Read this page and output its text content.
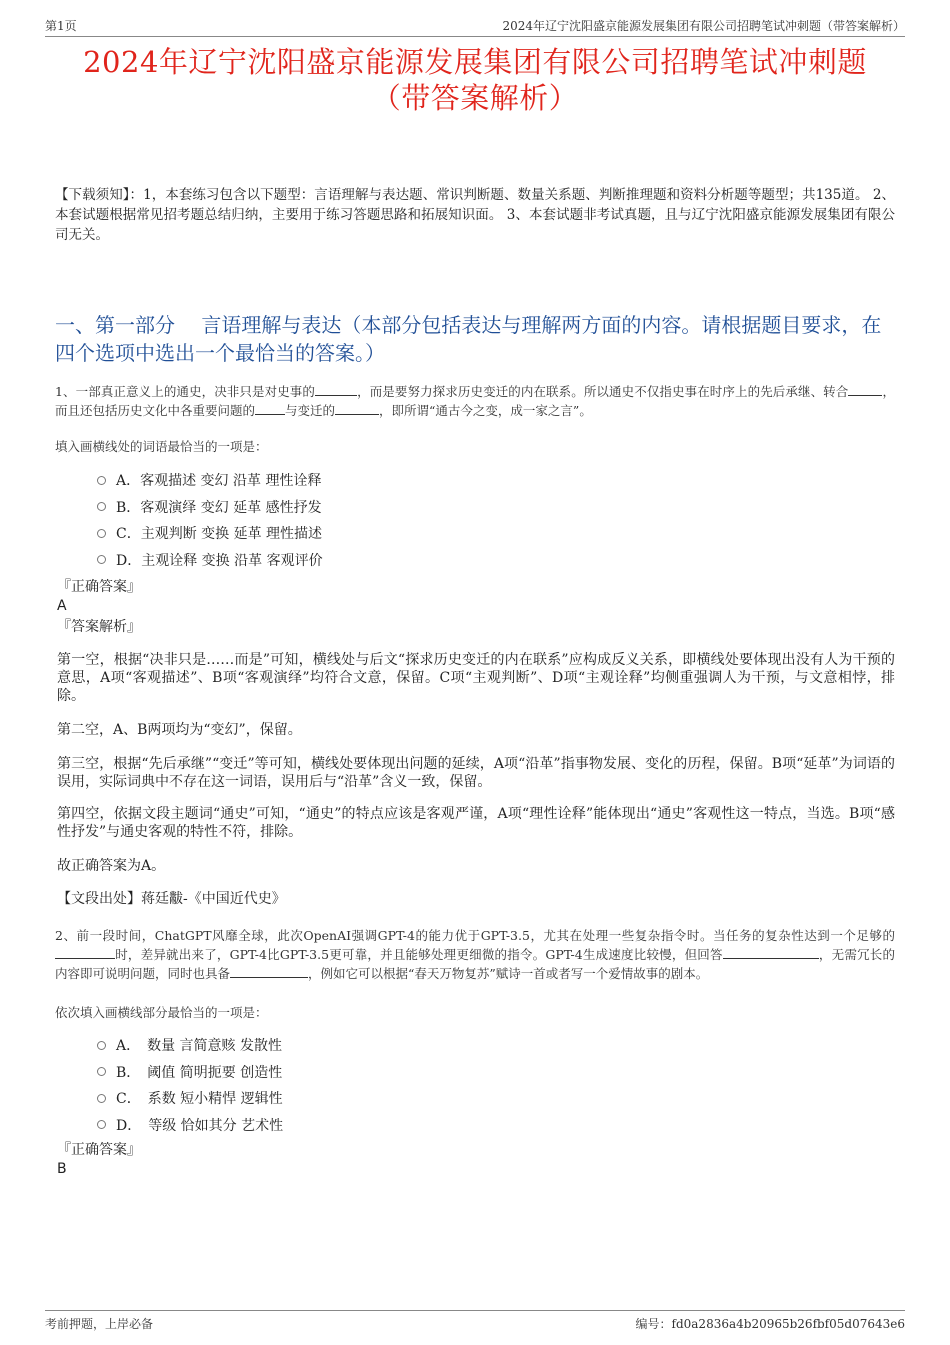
第1页	2024年辽宁沈阳盛京能源发展集团有限公司招聘笔试冲刺题（带答案解析）
2024年辽宁沈阳盛京能源发展集团有限公司招聘笔试冲刺题
（带答案解析）
【下载须知】：1，本套练习包含以下题型：言语理解与表达题、常识判断题、数量关系题、判断推理题和资料分析题等题型；共135道。 2、本套试题根据常见招考题总结归纳，主要用于练习答题思路和拓展知识面。 3、本套试题非考试真题，且与辽宁沈阳盛京能源发展集团有限公司无关。
一、第一部分　 言语理解与表达（本部分包括表达与理解两方面的内容。请根据题目要求，在四个选项中选出一个最恰当的答案。）
1、一部真正意义上的通史，决非只是对史事的	，而是要努力探求历史变迁的内在联系。所以通史不仅指史事在时序上的先后承继、转合	，而且还包括历史文化中各重要问题的 与变迁的	，即所谓“通古今之变，成一家之言”。
填入画横线处的词语最恰当的一项是：
A．客观描述 变幻 沿革 理性诠释
B．客观演绎 变幻 延革 感性抒发
C．主观判断 变换 延革 理性描述
D．主观诠释 变换 沿革 客观评价
『正确答案』
A
『答案解析』

第一空，根据“决非只是……而是”可知，横线处与后文“探求历史变迁的内在联系”应构成反义关系，即横线处要体现出没有人为干预的意思，A项“客观描述”、B项“客观演绎”均符合文意，保留。C项“主观判断”、D项“主观诠释”均侧重强调人为干预，与文意相悖，排除。

第二空，A、B两项均为“变幻”，保留。

第三空，根据“先后承继”“变迁”等可知，横线处要体现出问题的延续，A项“沿革”指事物发展、变化的历程，保留。B项“延革”为词语的误用，实际词典中不存在这一词语，误用后与“沿革”含义一致，保留。

第四空，依据文段主题词“通史”可知，“通史”的特点应该是客观严谨，A项“理性诠释”能体现出“通史”客观性这一特点，当选。B项“感性抒发”与通史客观的特性不符，排除。

故正确答案为A。

【文段出处】蒋廷黻-《中国近代史》
2、前一段时间，ChatGPT风靡全球，此次OpenAI强调GPT-4的能力优于GPT-3.5，尤其在处理一些复杂指令时。当任务的复杂性达到一个足够的时，差异就出来了，GPT-4比GPT-3.5更可靠，并且能够处理更细微的指令。GPT-4生成速度比较慢，但回答	，无需冗长的内容即可说明问题，同时也具备	，例如它可以根据“春天万物复苏”赋诗一首或者写一个爱情故事的剧本。
依次填入画横线部分最恰当的一项是：
A．　数量 言简意赅 发散性
B．　阈值 简明扼要 创造性
C．　系数 短小精悍 逻辑性
D．　等级 恰如其分 艺术性
『正确答案』
B
考前押题，上岸必备	编号：fd0a2836a4b20965b26fbf05d07643e6
